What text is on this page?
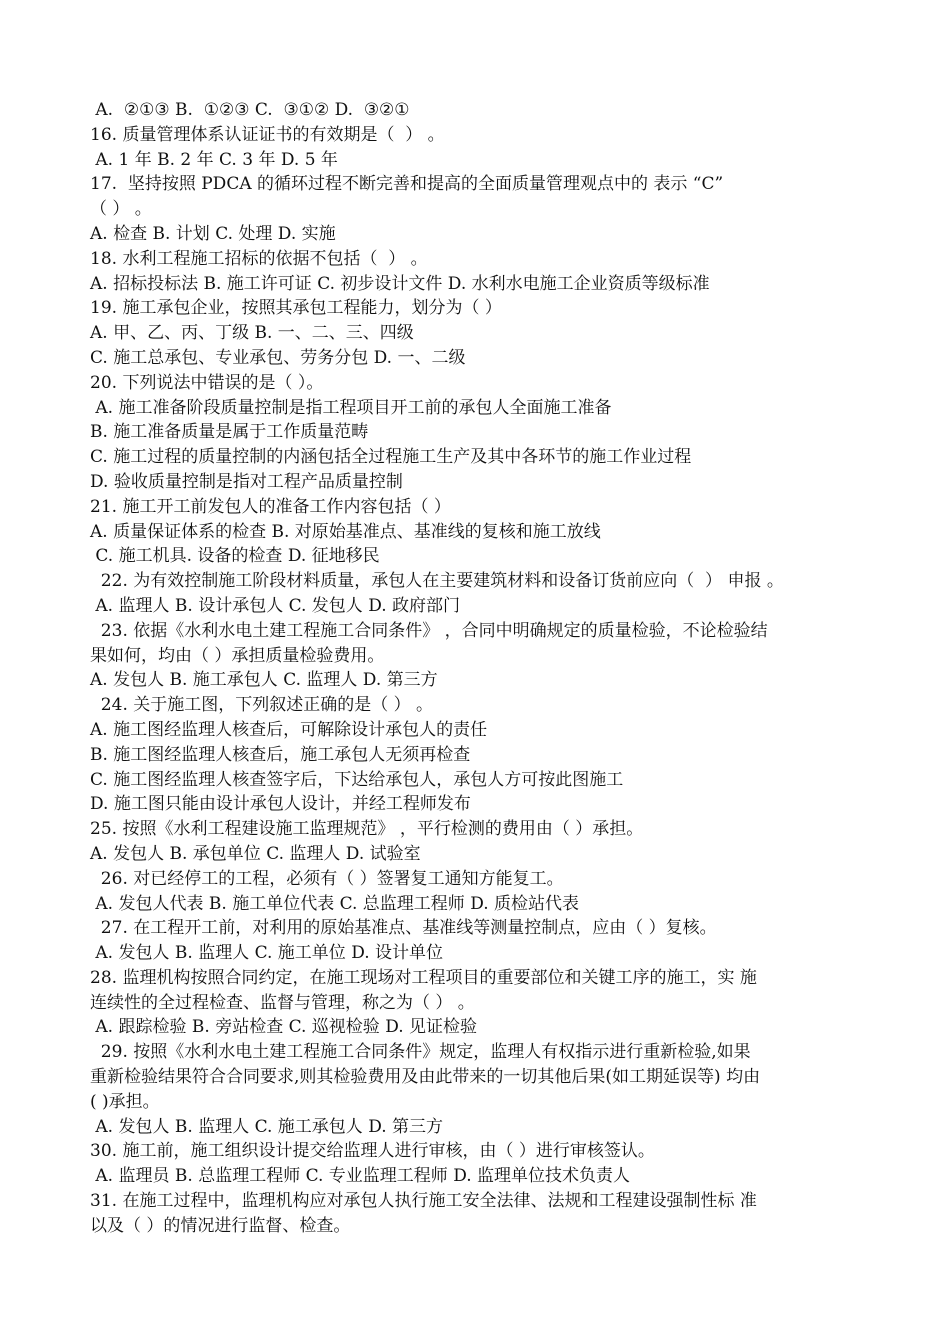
A.  ②①③ B.  ①②③ C.  ③①② D.  ③②①
16. 质量管理体系认证证书的有效期是（  ） 。
A. 1 年 B. 2 年 C. 3 年 D. 5 年
17.  坚持按照 PDCA 的循环过程不断完善和提高的全面质量管理观点中的 表示 “C”
（ ） 。
A. 检查 B. 计划 C. 处理 D. 实施
18. 水利工程施工招标的依据不包括（  ） 。
A. 招标投标法 B. 施工许可证 C. 初步设计文件 D. 水利水电施工企业资质等级标准
19. 施工承包企业，按照其承包工程能力，划分为（ ）
A. 甲、乙、丙、丁级 B. 一、二、三、四级
C. 施工总承包、专业承包、劳务分包 D. 一、二级
20. 下列说法中错误的是（ ）。
A. 施工准备阶段质量控制是指工程项目开工前的承包人全面施工准备
B. 施工准备质量是属于工作质量范畴
C. 施工过程的质量控制的内涵包括全过程施工生产及其中各环节的施工作业过程
D. 验收质量控制是指对工程产品质量控制
21. 施工开工前发包人的准备工作内容包括（ ）
A. 质量保证体系的检查 B. 对原始基准点、基准线的复核和施工放线
C. 施工机具. 设备的检查 D. 征地移民
22. 为有效控制施工阶段材料质量，承包人在主要建筑材料和设备订货前应向（  ） 申报 。
A. 监理人 B. 设计承包人 C. 发包人 D. 政府部门
23. 依据《水利水电土建工程施工合同条件》 ，合同中明确规定的质量检验，不论检验结
果如何，均由（ ）承担质量检验费用。
A. 发包人 B. 施工承包人 C. 监理人 D. 第三方
24. 关于施工图，下列叙述正确的是（ ） 。
A. 施工图经监理人核查后，可解除设计承包人的责任
B. 施工图经监理人核查后，施工承包人无须再检查
C. 施工图经监理人核查签字后，下达给承包人，承包人方可按此图施工
D. 施工图只能由设计承包人设计，并经工程师发布
25. 按照《水利工程建设施工监理规范》 ，平行检测的费用由（ ）承担。
A. 发包人 B. 承包单位 C. 监理人 D. 试验室
26. 对已经停工的工程，必须有（ ）签署复工通知方能复工。
A. 发包人代表 B. 施工单位代表 C. 总监理工程师 D. 质检站代表
27. 在工程开工前，对利用的原始基准点、基准线等测量控制点，应由（ ）复核。
A. 发包人 B. 监理人 C. 施工单位 D. 设计单位
28. 监理机构按照合同约定，在施工现场对工程项目的重要部位和关键工序的施工，实 施
连续性的全过程检查、监督与管理，称之为（ ） 。
A. 跟踪检验 B. 旁站检查 C. 巡视检验 D. 见证检验
29. 按照《水利水电土建工程施工合同条件》规定，监理人有权指示进行重新检验,如果
重新检验结果符合合同要求,则其检验费用及由此带来的一切其他后果(如工期延误等) 均由
( )承担。
A. 发包人 B. 监理人 C. 施工承包人 D. 第三方
30. 施工前，施工组织设计提交给监理人进行审核，由（ ）进行审核签认。
A. 监理员 B. 总监理工程师 C. 专业监理工程师 D. 监理单位技术负责人
31. 在施工过程中，监理机构应对承包人执行施工安全法律、法规和工程建设强制性标 准
以及（ ）的情况进行监督、检查。
